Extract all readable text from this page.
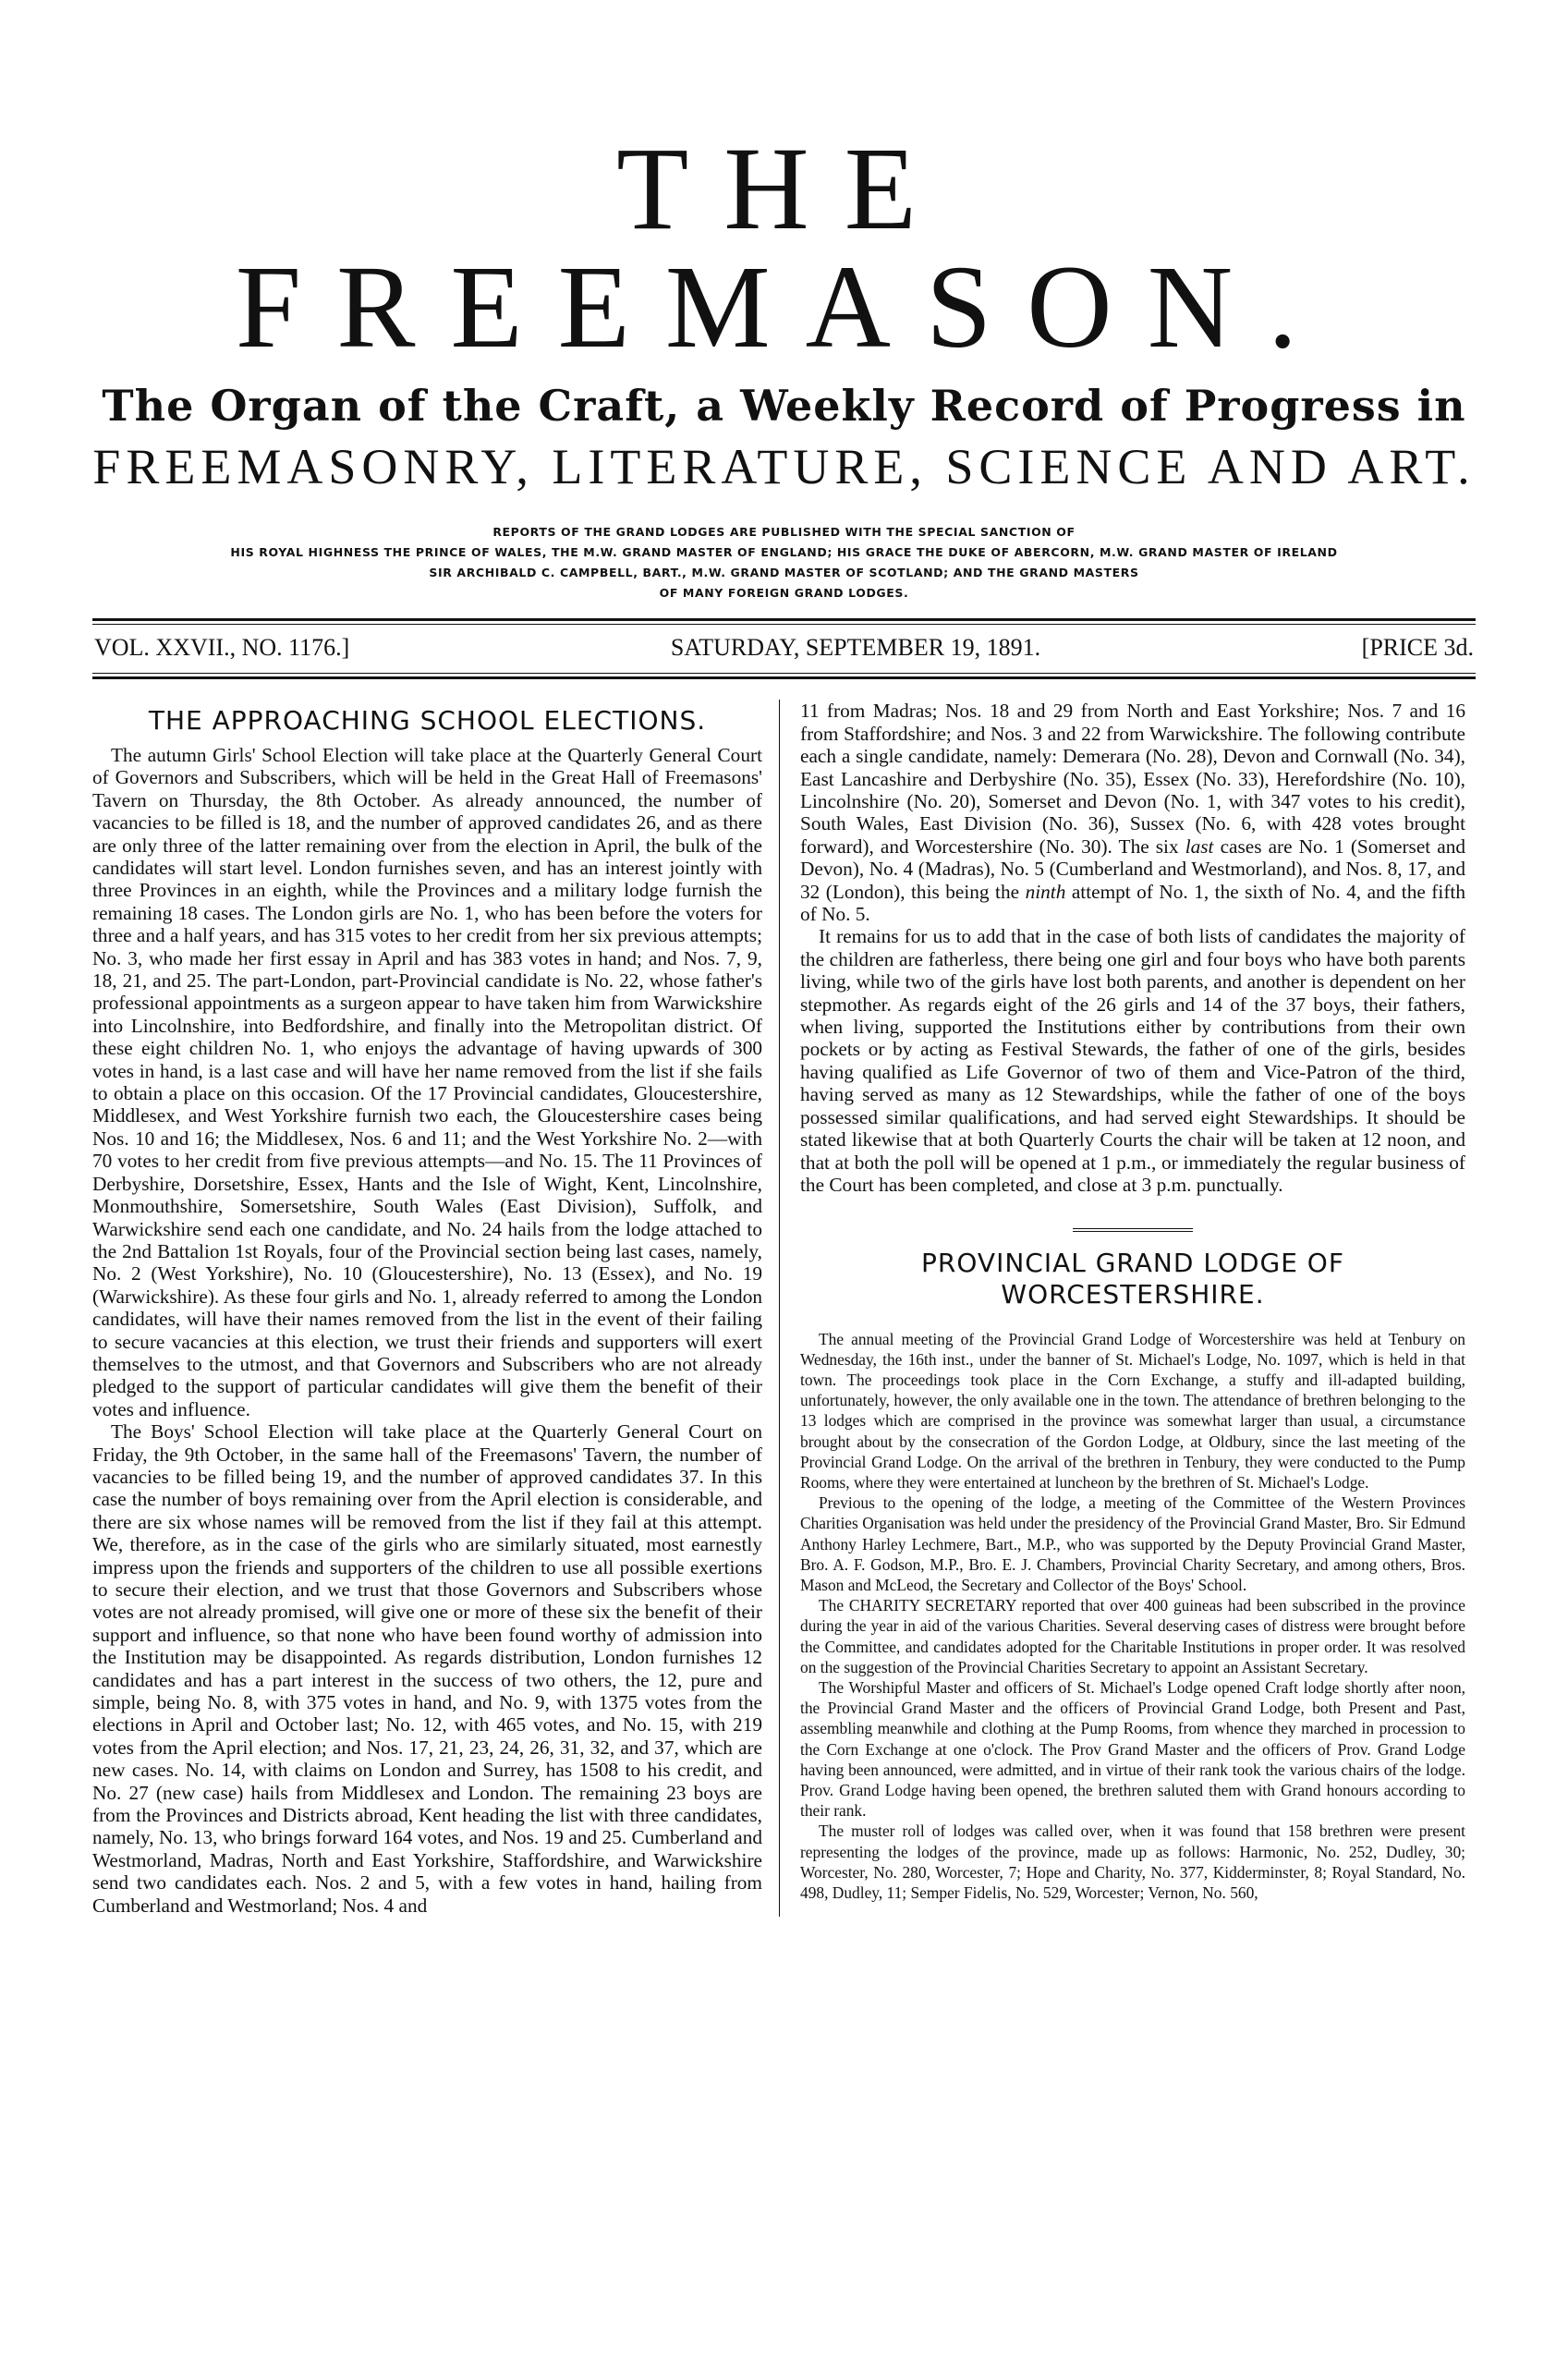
THE FREEMASON.
The Organ of the Craft, a Weekly Record of Progress in
FREEMASONRY, LITERATURE, SCIENCE AND ART.
REPORTS OF THE GRAND LODGES ARE PUBLISHED WITH THE SPECIAL SANCTION OF
HIS ROYAL HIGHNESS THE PRINCE OF WALES, THE M.W. GRAND MASTER OF ENGLAND; HIS GRACE THE DUKE OF ABERCORN, M.W. GRAND MASTER OF IRELAND
SIR ARCHIBALD C. CAMPBELL, BART., M.W. GRAND MASTER OF SCOTLAND; AND THE GRAND MASTERS
OF MANY FOREIGN GRAND LODGES.
VOL. XXVII., NO. 1176.]	SATURDAY, SEPTEMBER 19, 1891.	[PRICE 3d.
THE APPROACHING SCHOOL ELECTIONS.

The autumn Girls' School Election will take place at the Quarterly General Court of Governors and Subscribers, which will be held in the Great Hall of Freemasons' Tavern on Thursday, the 8th October. As already announced, the number of vacancies to be filled is 18, and the number of approved candidates 26, and as there are only three of the latter remaining over from the election in April, the bulk of the candidates will start level. London furnishes seven, and has an interest jointly with three Provinces in an eighth, while the Provinces and a military lodge furnish the remaining 18 cases. The London girls are No. 1, who has been before the voters for three and a half years, and has 315 votes to her credit from her six previous attempts; No. 3, who made her first essay in April and has 383 votes in hand; and Nos. 7, 9, 18, 21, and 25. The part-London, part-Provincial candidate is No. 22, whose father's professional appointments as a surgeon appear to have taken him from Warwickshire into Lincolnshire, into Bedfordshire, and finally into the Metropolitan district. Of these eight children No. 1, who enjoys the advantage of having upwards of 300 votes in hand, is a last case and will have her name removed from the list if she fails to obtain a place on this occasion. Of the 17 Provincial candidates, Gloucestershire, Middlesex, and West Yorkshire furnish two each, the Gloucestershire cases being Nos. 10 and 16; the Middlesex, Nos. 6 and 11; and the West Yorkshire No. 2—with 70 votes to her credit from five previous attempts—and No. 15. The 11 Provinces of Derbyshire, Dorsetshire, Essex, Hants and the Isle of Wight, Kent, Lincolnshire, Monmouthshire, Somersetshire, South Wales (East Division), Suffolk, and Warwickshire send each one candidate, and No. 24 hails from the lodge attached to the 2nd Battalion 1st Royals, four of the Provincial section being last cases, namely, No. 2 (West Yorkshire), No. 10 (Gloucestershire), No. 13 (Essex), and No. 19 (Warwickshire). As these four girls and No. 1, already referred to among the London candidates, will have their names removed from the list in the event of their failing to secure vacancies at this election, we trust their friends and supporters will exert themselves to the utmost, and that Governors and Subscribers who are not already pledged to the support of particular candidates will give them the benefit of their votes and influence.

The Boys' School Election will take place at the Quarterly General Court on Friday, the 9th October, in the same hall of the Freemasons' Tavern, the number of vacancies to be filled being 19, and the number of approved candidates 37. In this case the number of boys remaining over from the April election is considerable, and there are six whose names will be removed from the list if they fail at this attempt. We, therefore, as in the case of the girls who are similarly situated, most earnestly impress upon the friends and supporters of the children to use all possible exertions to secure their election, and we trust that those Governors and Subscribers whose votes are not already promised, will give one or more of these six the benefit of their support and influence, so that none who have been found worthy of admission into the Institution may be disappointed. As regards distribution, London furnishes 12 candidates and has a part interest in the success of two others, the 12, pure and simple, being No. 8, with 375 votes in hand, and No. 9, with 1375 votes from the elections in April and October last; No. 12, with 465 votes, and No. 15, with 219 votes from the April election; and Nos. 17, 21, 23, 24, 26, 31, 32, and 37, which are new cases. No. 14, with claims on London and Surrey, has 1508 to his credit, and No. 27 (new case) hails from Middlesex and London. The remaining 23 boys are from the Provinces and Districts abroad, Kent heading the list with three candidates, namely, No. 13, who brings forward 164 votes, and Nos. 19 and 25. Cumberland and Westmorland, Madras, North and East Yorkshire, Staffordshire, and Warwickshire send two candidates each. Nos. 2 and 5, with a few votes in hand, hailing from Cumberland and Westmorland; Nos. 4 and

11 from Madras; Nos. 18 and 29 from North and East Yorkshire; Nos. 7 and 16 from Staffordshire; and Nos. 3 and 22 from Warwickshire. The following contribute each a single candidate, namely: Demerara (No. 28), Devon and Cornwall (No. 34), East Lancashire and Derbyshire (No. 35), Essex (No. 33), Herefordshire (No. 10), Lincolnshire (No. 20), Somerset and Devon (No. 1, with 347 votes to his credit), South Wales, East Division (No. 36), Sussex (No. 6, with 428 votes brought forward), and Worcestershire (No. 30). The six last cases are No. 1 (Somerset and Devon), No. 4 (Madras), No. 5 (Cumberland and Westmorland), and Nos. 8, 17, and 32 (London), this being the ninth attempt of No. 1, the sixth of No. 4, and the fifth of No. 5.

It remains for us to add that in the case of both lists of candidates the majority of the children are fatherless, there being one girl and four boys who have both parents living, while two of the girls have lost both parents, and another is dependent on her stepmother. As regards eight of the 26 girls and 14 of the 37 boys, their fathers, when living, supported the Institutions either by contributions from their own pockets or by acting as Festival Stewards, the father of one of the girls, besides having qualified as Life Governor of two of them and Vice-Patron of the third, having served as many as 12 Stewardships, while the father of one of the boys possessed similar qualifications, and had served eight Stewardships. It should be stated likewise that at both Quarterly Courts the chair will be taken at 12 noon, and that at both the poll will be opened at 1 p.m., or immediately the regular business of the Court has been completed, and close at 3 p.m. punctually.

PROVINCIAL GRAND LODGE OF
WORCESTERSHIRE.

The annual meeting of the Provincial Grand Lodge of Worcestershire was held at Tenbury on Wednesday, the 16th inst., under the banner of St. Michael's Lodge, No. 1097, which is held in that town. The proceedings took place in the Corn Exchange, a stuffy and ill-adapted building, unfortunately, however, the only available one in the town. The attendance of brethren belonging to the 13 lodges which are comprised in the province was somewhat larger than usual, a circumstance brought about by the consecration of the Gordon Lodge, at Oldbury, since the last meeting of the Provincial Grand Lodge. On the arrival of the brethren in Tenbury, they were conducted to the Pump Rooms, where they were entertained at luncheon by the brethren of St. Michael's Lodge.

Previous to the opening of the lodge, a meeting of the Committee of the Western Provinces Charities Organisation was held under the presidency of the Provincial Grand Master, Bro. Sir Edmund Anthony Harley Lechmere, Bart., M.P., who was supported by the Deputy Provincial Grand Master, Bro. A. F. Godson, M.P., Bro. E. J. Chambers, Provincial Charity Secretary, and among others, Bros. Mason and McLeod, the Secretary and Collector of the Boys' School.

The CHARITY SECRETARY reported that over 400 guineas had been subscribed in the province during the year in aid of the various Charities. Several deserving cases of distress were brought before the Committee, and candidates adopted for the Charitable Institutions in proper order. It was resolved on the suggestion of the Provincial Charities Secretary to appoint an Assistant Secretary.

The Worshipful Master and officers of St. Michael's Lodge opened Craft lodge shortly after noon, the Provincial Grand Master and the officers of Provincial Grand Lodge, both Present and Past, assembling meanwhile and clothing at the Pump Rooms, from whence they marched in procession to the Corn Exchange at one o'clock. The Prov Grand Master and the officers of Prov. Grand Lodge having been announced, were admitted, and in virtue of their rank took the various chairs of the lodge. Prov. Grand Lodge having been opened, the brethren saluted them with Grand honours according to their rank.

The muster roll of lodges was called over, when it was found that 158 brethren were present representing the lodges of the province, made up as follows: Harmonic, No. 252, Dudley, 30; Worcester, No. 280, Worcester, 7; Hope and Charity, No. 377, Kidderminster, 8; Royal Standard, No. 498, Dudley, 11; Semper Fidelis, No. 529, Worcester; Vernon, No. 560,
